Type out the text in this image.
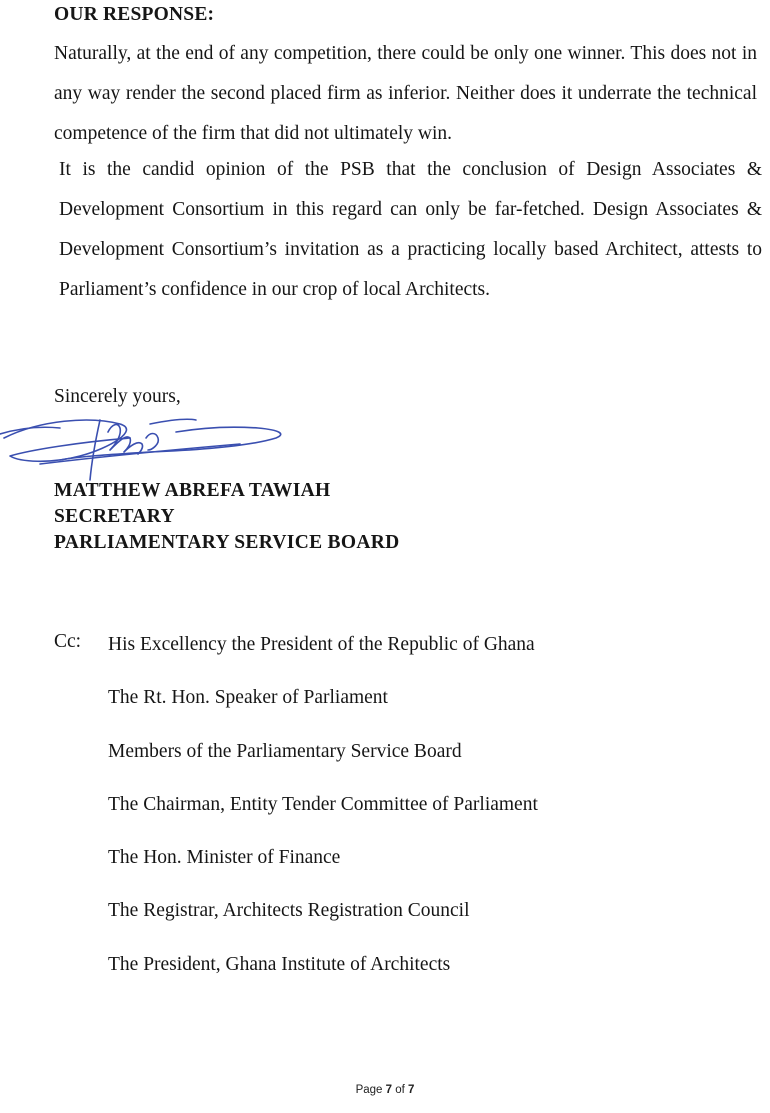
OUR RESPONSE:

Naturally, at the end of any competition, there could be only one winner. This does not in any way render the second placed firm as inferior. Neither does it underrate the technical competence of the firm that did not ultimately win.

It is the candid opinion of the PSB that the conclusion of Design Associates & Development Consortium in this regard can only be far-fetched. Design Associates & Development Consortium’s invitation as a practicing locally based Architect, attests to Parliament’s confidence in our crop of local Architects.

Sincerely yours,
MATTHEW ABREFA TAWIAH
SECRETARY
PARLIAMENTARY SERVICE BOARD
Cc: His Excellency the President of the Republic of Ghana
The Rt. Hon. Speaker of Parliament
Members of the Parliamentary Service Board
The Chairman, Entity Tender Committee of Parliament
The Hon. Minister of Finance
The Registrar, Architects Registration Council
The President, Ghana Institute of Architects
Page 7 of 7
